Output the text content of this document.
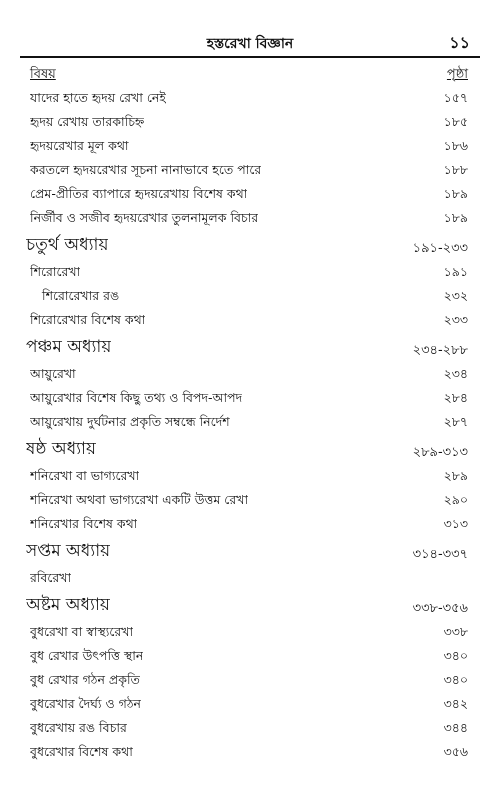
হস্তরেখা বিজ্ঞান	১১
বিষয়	পৃষ্ঠা
যাদের হাতে হৃদয় রেখা নেই	১৫৭
হৃদয় রেখায় তারকাচিহ্ন	১৮৫
হৃদয়রেখার মূল কথা	১৮৬
করতলে হৃদয়রেখার সূচনা নানাভাবে হতে পারে	১৮৮
প্রেম-প্রীতির ব্যাপারে হৃদয়রেখায় বিশেষ কথা	১৮৯
নির্জীব ও সজীব হৃদয়রেখার তুলনামূলক বিচার	১৮৯
চতুর্থ অধ্যায়	১৯১-২৩৩
শিরোরেখা	১৯১
শিরোরেখার রঙ	২৩২
শিরোরেখার বিশেষ কথা	২৩৩
পঞ্চম অধ্যায়	২৩৪-২৮৮
আয়ুরেখা	২৩৪
আয়ুরেখার বিশেষ কিছু তথ্য ও বিপদ-আপদ	২৮৪
আয়ুরেখায় দুর্ঘটনার প্রকৃতি সম্বন্ধে নির্দেশ	২৮৭
ষষ্ঠ অধ্যায়	২৮৯-৩১৩
শনিরেখা বা ভাগ্যরেখা	২৮৯
শনিরেখা অথবা ভাগ্যরেখা একটি উত্তম রেখা	২৯০
শনিরেখার বিশেষ কথা	৩১৩
সপ্তম অধ্যায়	৩১৪-৩৩৭
রবিরেখা
অষ্টম অধ্যায়	৩৩৮-৩৫৬
বুধরেখা বা স্বাস্থ্যরেখা	৩৩৮
বুধ রেখার উৎপত্তি স্থান	৩৪০
বুধ রেখার গঠন প্রকৃতি	৩৪০
বুধরেখার দৈর্ঘ্য ও গঠন	৩৪২
বুধরেখায় রঙ বিচার	৩৪৪
বুধরেখার বিশেষ কথা	৩৫৬
